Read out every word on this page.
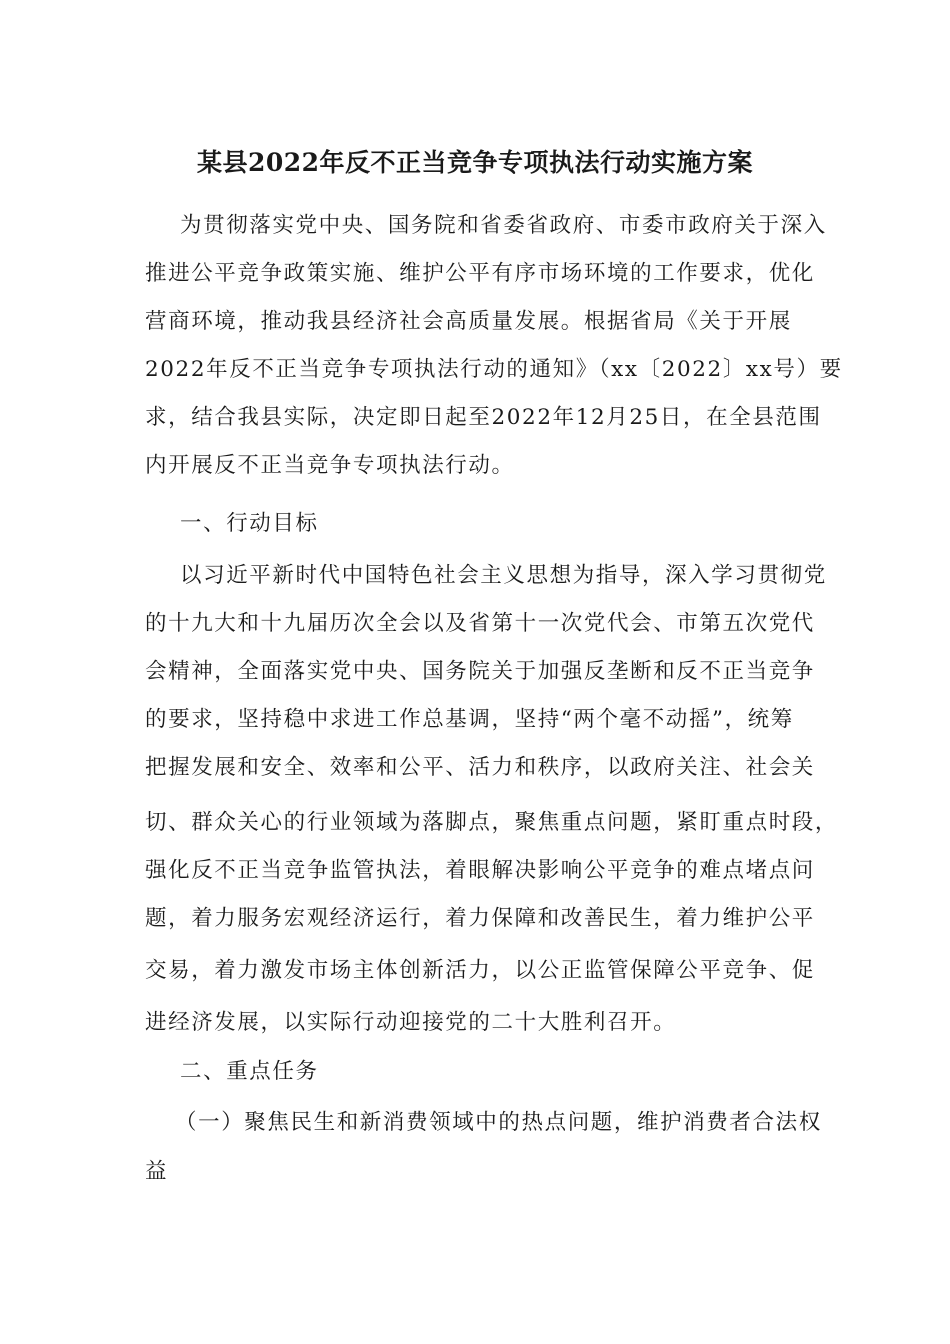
某县2022年反不正当竞争专项执法行动实施方案
为贯彻落实党中央、国务院和省委省政府、市委市政府关于深入
推进公平竞争政策实施、维护公平有序市场环境的工作要求，优化
营商环境，推动我县经济社会高质量发展。根据省局《关于开展
2022年反不正当竞争专项执法行动的通知》（xx〔2022〕xx号）要
求，结合我县实际，决定即日起至2022年12月25日，在全县范围
内开展反不正当竞争专项执法行动。
一、行动目标
以习近平新时代中国特色社会主义思想为指导，深入学习贯彻党
的十九大和十九届历次全会以及省第十一次党代会、市第五次党代
会精神，全面落实党中央、国务院关于加强反垄断和反不正当竞争
的要求，坚持稳中求进工作总基调，坚持“两个毫不动摇”，统筹
把握发展和安全、效率和公平、活力和秩序，以政府关注、社会关
切、群众关心的行业领域为落脚点，聚焦重点问题，紧盯重点时段，
强化反不正当竞争监管执法，着眼解决影响公平竞争的难点堵点问
题，着力服务宏观经济运行，着力保障和改善民生，着力维护公平
交易，着力激发市场主体创新活力，以公正监管保障公平竞争、促
进经济发展，以实际行动迎接党的二十大胜利召开。
二、重点任务
（一）聚焦民生和新消费领域中的热点问题，维护消费者合法权
益
